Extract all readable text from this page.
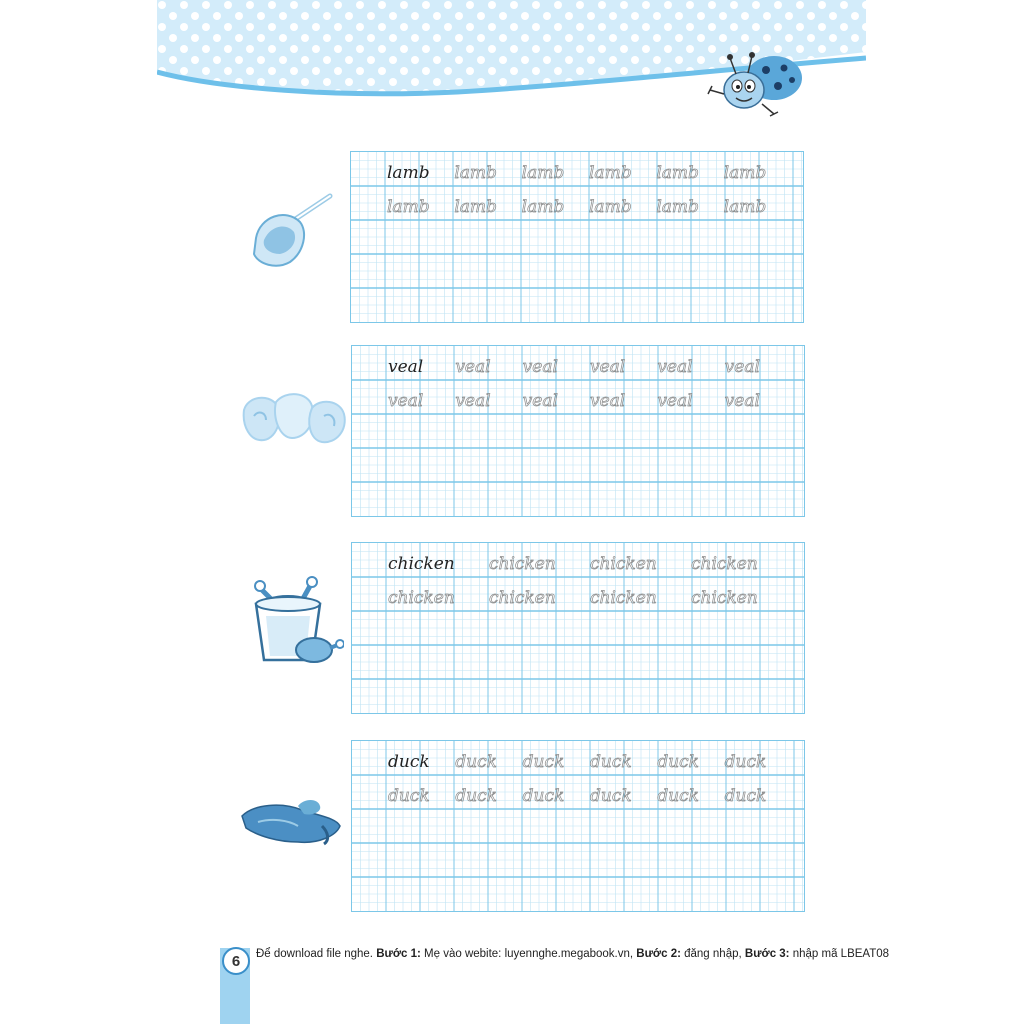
lamb lamb lamb lamb lamb lamb
lamb lamb lamb lamb lamb lamb
veal veal veal veal veal veal
veal veal veal veal veal veal
chicken chicken chicken chicken
chicken chicken chicken chicken
duck duck duck duck duck duck
duck duck duck duck duck duck
6	Để download file nghe. Bước 1: Mẹ vào webite: luyennghe.megabook.vn, Bước 2: đăng nhập, Bước 3: nhập mã LBEAT08
